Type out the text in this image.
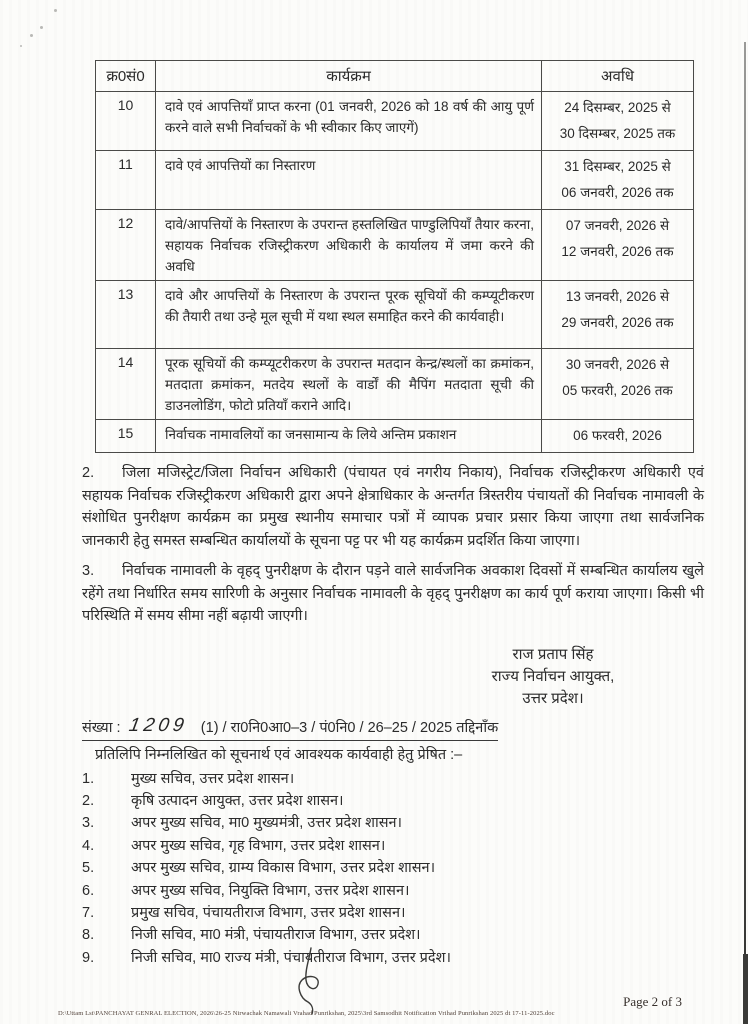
क्र0सं0	कार्यक्रम	अवधि
10	दावे एवं आपत्तियाँ प्राप्त करना (01 जनवरी, 2026 को 18 वर्ष की आयु पूर्ण करने वाले सभी निर्वाचकों के भी स्वीकार किए जाएगें)	24 दिसम्बर, 2025 से
30 दिसम्बर, 2025 तक

11	दावे एवं आपत्तियों का निस्तारण	31 दिसम्बर, 2025 से
06 जनवरी, 2026 तक

12	दावे/आपत्तियों के निस्तारण के उपरान्त हस्तलिखित पाण्डुलिपियाँ तैयार करना, सहायक निर्वाचक रजिस्ट्रीकरण अधिकारी के कार्यालय में जमा करने की अवधि	07 जनवरी, 2026 से
12 जनवरी, 2026 तक

13	दावे और आपत्तियों के निस्तारण के उपरान्त पूरक सूचियों की कम्प्यूटीकरण की तैयारी तथा उन्हे मूल सूची में यथा स्थल समाहित करने की कार्यवाही।	13 जनवरी, 2026 से
29 जनवरी, 2026 तक

14	पूरक सूचियों की कम्प्यूटरीकरण के उपरान्त मतदान केन्द्र/स्थलों का क्रमांकन, मतदाता क्रमांकन, मतदेय स्थलों के वार्डों की मैपिंग मतदाता सूची की डाउनलोडिंग, फोटो प्रतियाँ कराने आदि।	30 जनवरी, 2026 से
05 फरवरी, 2026 तक

15	निर्वाचक नामावलियों का जनसामान्य के लिये अन्तिम प्रकाशन	06 फरवरी, 2026

2. जिला मजिस्ट्रेट/जिला निर्वाचन अधिकारी (पंचायत एवं नगरीय निकाय), निर्वाचक रजिस्ट्रीकरण अधिकारी एवं सहायक निर्वाचक रजिस्ट्रीकरण अधिकारी द्वारा अपने क्षेत्राधिकार के अन्तर्गत त्रिस्तरीय पंचायतों की निर्वाचक नामावली के संशोधित पुनरीक्षण कार्यक्रम का प्रमुख स्थानीय समाचार पत्रों में व्यापक प्रचार प्रसार किया जाएगा तथा सार्वजनिक जानकारी हेतु समस्त सम्बन्धित कार्यालयों के सूचना पट्ट पर भी यह कार्यक्रम प्रदर्शित किया जाएगा।

3. निर्वाचक नामावली के वृहद् पुनरीक्षण के दौरान पड़ने वाले सार्वजनिक अवकाश दिवसों में सम्बन्धित कार्यालय खुले रहेंगे तथा निर्धारित समय सारिणी के अनुसार निर्वाचक नामावली के वृहद् पुनरीक्षण का कार्य पूर्ण कराया जाएगा। किसी भी परिस्थिति में समय सीमा नहीं बढ़ायी जाएगी।

राज प्रताप सिंह
राज्य निर्वाचन आयुक्त,
उत्तर प्रदेश।
संख्या : 1209 (1) / रा0नि0आ0–3 / पं0नि0 / 26–25 / 2025 तद्दिनाँक
प्रतिलिपि निम्नलिखित को सूचनार्थ एवं आवश्यक कार्यवाही हेतु प्रेषित :–
1.	मुख्य सचिव, उत्तर प्रदेश शासन।
2.	कृषि उत्पादन आयुक्त, उत्तर प्रदेश शासन।
3.	अपर मुख्य सचिव, मा0 मुख्यमंत्री, उत्तर प्रदेश शासन।
4.	अपर मुख्य सचिव, गृह विभाग, उत्तर प्रदेश शासन।
5.	अपर मुख्य सचिव, ग्राम्य विकास विभाग, उत्तर प्रदेश शासन।
6.	अपर मुख्य सचिव, नियुक्ति विभाग, उत्तर प्रदेश शासन।
7.	प्रमुख सचिव, पंचायतीराज विभाग, उत्तर प्रदेश शासन।
8.	निजी सचिव, मा0 मंत्री, पंचायतीराज विभाग, उत्तर प्रदेश।
9.	निजी सचिव, मा0 राज्य मंत्री, पंचायतीराज विभाग, उत्तर प्रदेश।
D:\Uttam Lst\PANCHAYAT GENRAL ELECTION, 2026\26-25 Nirwachak Namawali Vrahad Punrikshan, 2025\3rd Samsodhit Notification Vrihad Punrikshan 2025 dt 17-11-2025.doc
Page 2 of 3
